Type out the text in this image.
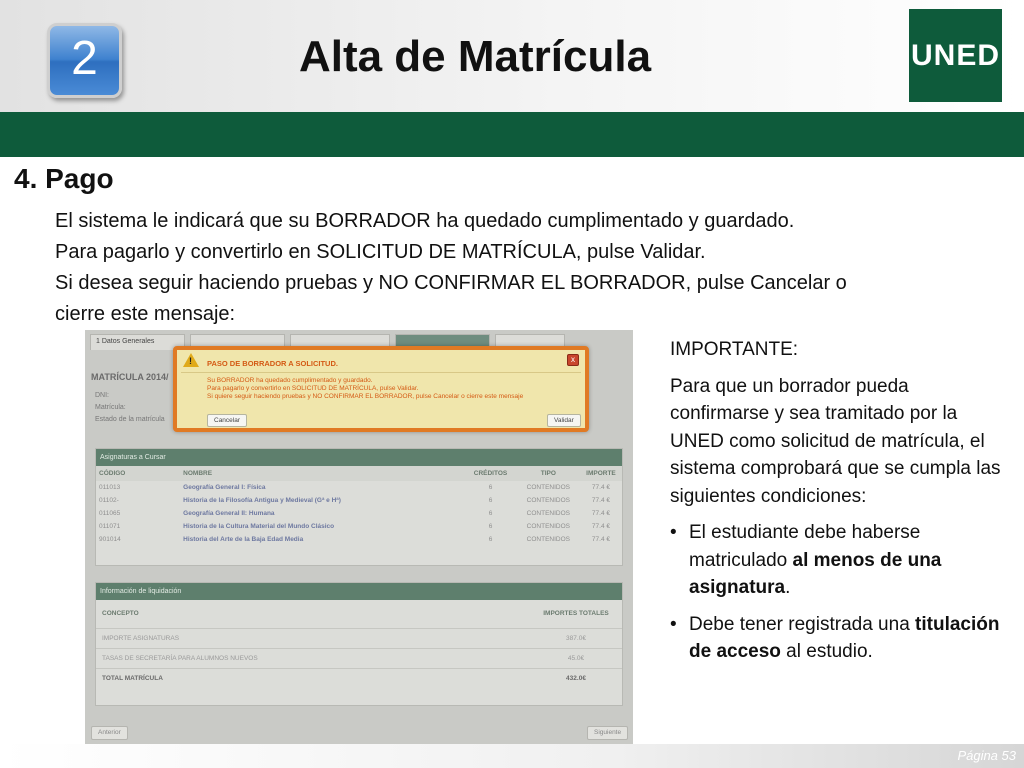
2	Alta de Matrícula	UNED
4. Pago
El sistema le indicará que su BORRADOR ha quedado cumplimentado y guardado.
Para pagarlo y convertirlo en SOLICITUD DE MATRÍCULA, pulse Validar.
Si desea seguir haciendo pruebas y NO CONFIRMAR EL BORRADOR, pulse Cancelar o
cierre este mensaje:
1 Datos Generales
MATRÍCULA 2014/
DNI:
Matrícula:
Estado de la matrícula
Asignaturas a Cursar
CÓDIGO	NOMBRE	CRÉDITOS	TIPO	IMPORTE
011013	Geografía General I: Física	6	CONTENIDOS	77.4 €
01102-	Historia de la Filosofía Antigua y Medieval (Gª e Hª)	6	CONTENIDOS	77.4 €
011065	Geografía General II: Humana	6	CONTENIDOS	77.4 €
011071	Historia de la Cultura Material del Mundo Clásico	6	CONTENIDOS	77.4 €
901014	Historia del Arte de la Baja Edad Media	6	CONTENIDOS	77.4 €
Información de liquidación
CONCEPTO	IMPORTES TOTALES
IMPORTE ASIGNATURAS	387.0€
TASAS DE SECRETARÍA PARA ALUMNOS NUEVOS	45.0€
TOTAL MATRÍCULA	432.0€
Anterior	Siguiente
! PASO DE BORRADOR A SOLICITUD.	x
Su BORRADOR ha quedado cumplimentado y guardado.
Para pagarlo y convertirlo en SOLICITUD DE MATRÍCULA, pulse Validar.
Si quiere seguir haciendo pruebas y NO CONFIRMAR EL BORRADOR, pulse Cancelar o cierre este mensaje
Cancelar	Validar

IMPORTANTE:

Para que un borrador pueda confirmarse y sea tramitado por la UNED como solicitud de matrícula, el sistema comprobará que se cumpla las siguientes condiciones:

• El estudiante debe haberse matriculado al menos de una asignatura.
• Debe tener registrada una titulación de acceso al estudio.
Página 53
